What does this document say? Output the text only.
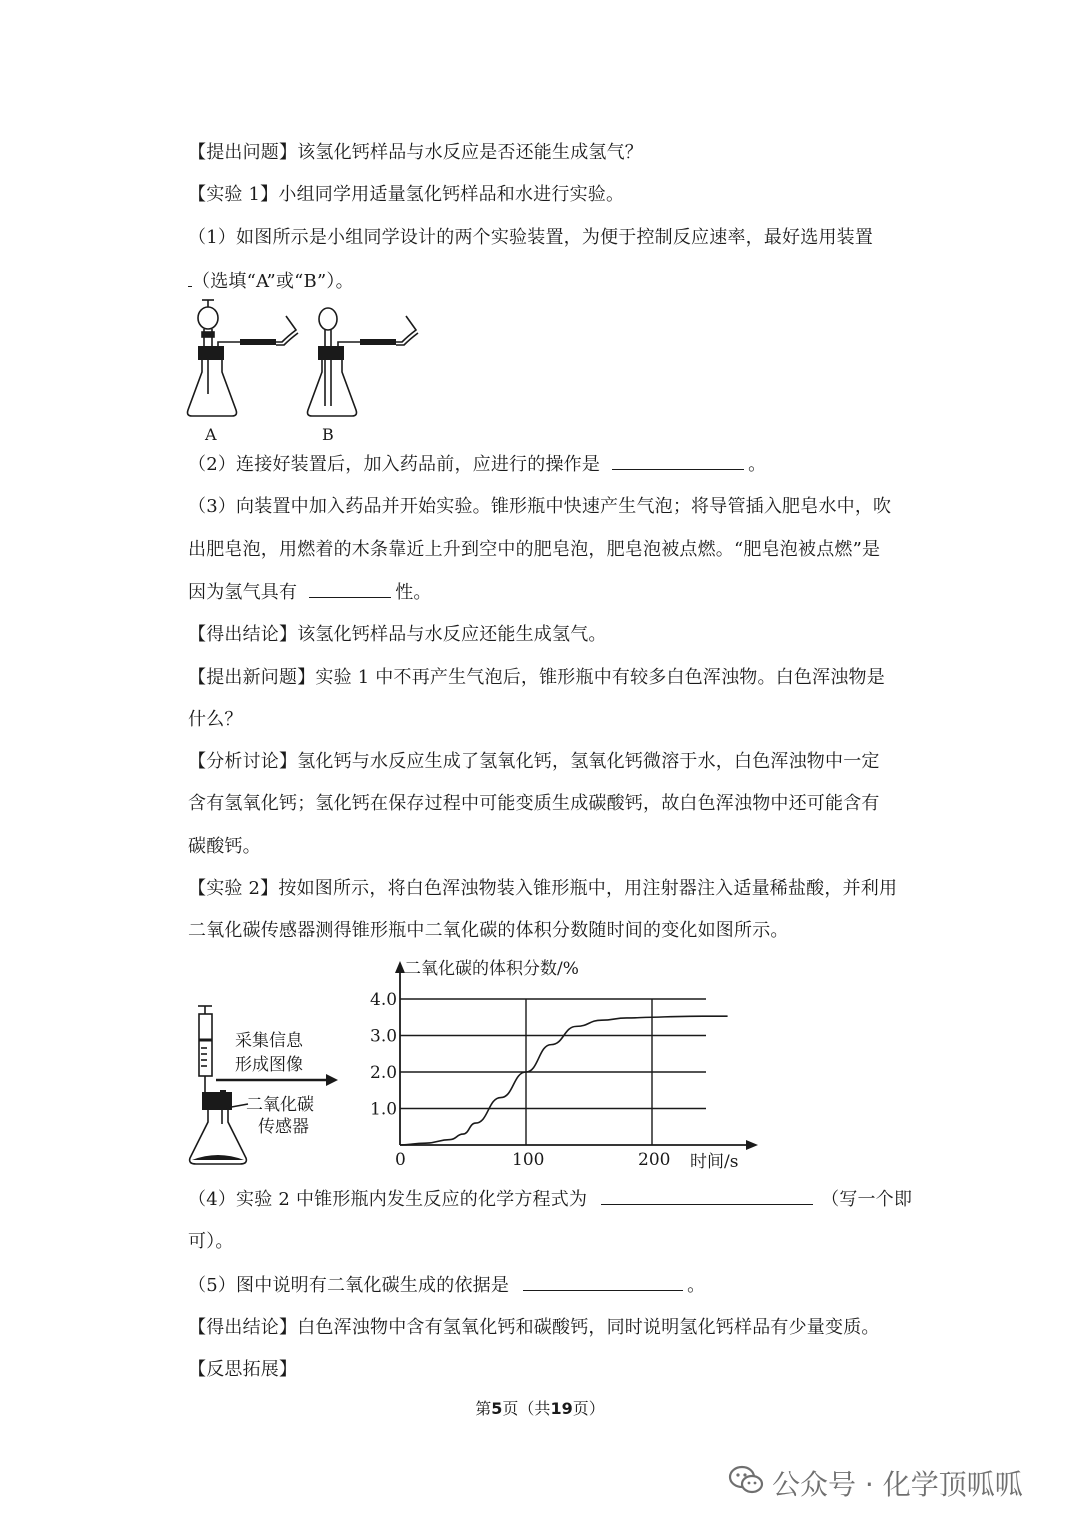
【提出问题】该氢化钙样品与水反应是否还能生成氢气？
【实验 1】小组同学用适量氢化钙样品和水进行实验。
（1）如图所示是小组同学设计的两个实验装置，为便于控制反应速率，最好选用装置
（选填“A”或“B”）。
A	B
（2）连接好装置后，加入药品前，应进行的操作是	。
（3）向装置中加入药品并开始实验。锥形瓶中快速产生气泡；将导管插入肥皂水中，吹
出肥皂泡，用燃着的木条靠近上升到空中的肥皂泡，肥皂泡被点燃。“肥皂泡被点燃”是
因为氢气具有	性。
【得出结论】该氢化钙样品与水反应还能生成氢气。
【提出新问题】实验 1 中不再产生气泡后，锥形瓶中有较多白色浑浊物。白色浑浊物是
什么？
【分析讨论】氢化钙与水反应生成了氢氧化钙，氢氧化钙微溶于水，白色浑浊物中一定
含有氢氧化钙；氢化钙在保存过程中可能变质生成碳酸钙，故白色浑浊物中还可能含有
碳酸钙。
【实验 2】按如图所示，将白色浑浊物装入锥形瓶中，用注射器注入适量稀盐酸，并利用
二氧化碳传感器测得锥形瓶中二氧化碳的体积分数随时间的变化如图所示。
采集信息
形成图像
二氧化碳
传感器
1.0
2.0
3.0
4.0
0	100	200
二氧化碳的体积分数/%
时间/s
（4）实验 2 中锥形瓶内发生反应的化学方程式为	（写一个即
可）。
（5）图中说明有二氧化碳生成的依据是	。
【得出结论】白色浑浊物中含有氢氧化钙和碳酸钙，同时说明氢化钙样品有少量变质。
【反思拓展】
第5页（共19页）
公众号 · 化学顶呱呱
